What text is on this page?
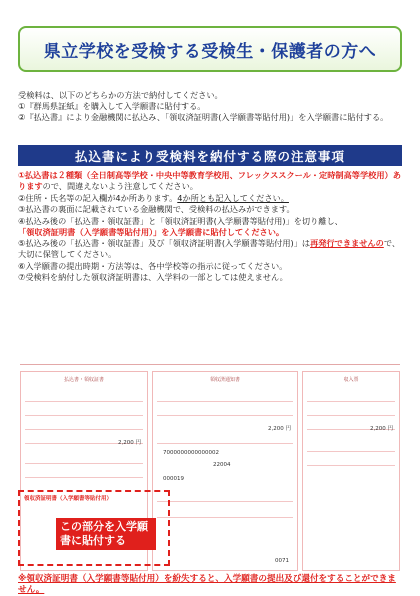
県立学校を受検する受検生・保護者の方へ
受検料は、以下のどちらかの方法で納付してください。
①『群馬県証紙』を購入して入学願書に貼付する。
②『払込書』により金融機関に払込み、「領収済証明書(入学願書等貼付用)」を入学願書に貼付する。
払込書により受検料を納付する際の注意事項

①払込書は２種類（全日制高等学校・中央中等教育学校用、フレックススクール・定時制高等学校用）ありますので、間違えないよう注意してください。

②住所・氏名等の記入欄が4か所あります。4か所とも記入してください。

③払込書の裏面に記載されている金融機関で、受検料の払込みができます。

④払込み後の「払込書・領収証書」と「領収済証明書(入学願書等貼付用)」を切り離し、
「領収済証明書（入学願書等貼付用）」を入学願書に貼付してください。

⑤払込み後の「払込書・領収証書」及び「領収済証明書(入学願書等貼付用)」は再発行できませんので、大切に保管してください。

⑥入学願書の提出時期・方法等は、各中学校等の指示に従ってください。

⑦受検料を納付した領収済証明書は、入学料の一部としては使えません。

払込書・領収証書
2,200 円
領収済通知書
2,200 円
7000000000000002
22004
000019
0071
収入票
2,200 円
領収済証明書（入学願書等貼付用）
この部分を入学願書に貼付する
※領収済証明書（入学願書等貼付用）を紛失すると、入学願書の提出及び還付をすることができません。
